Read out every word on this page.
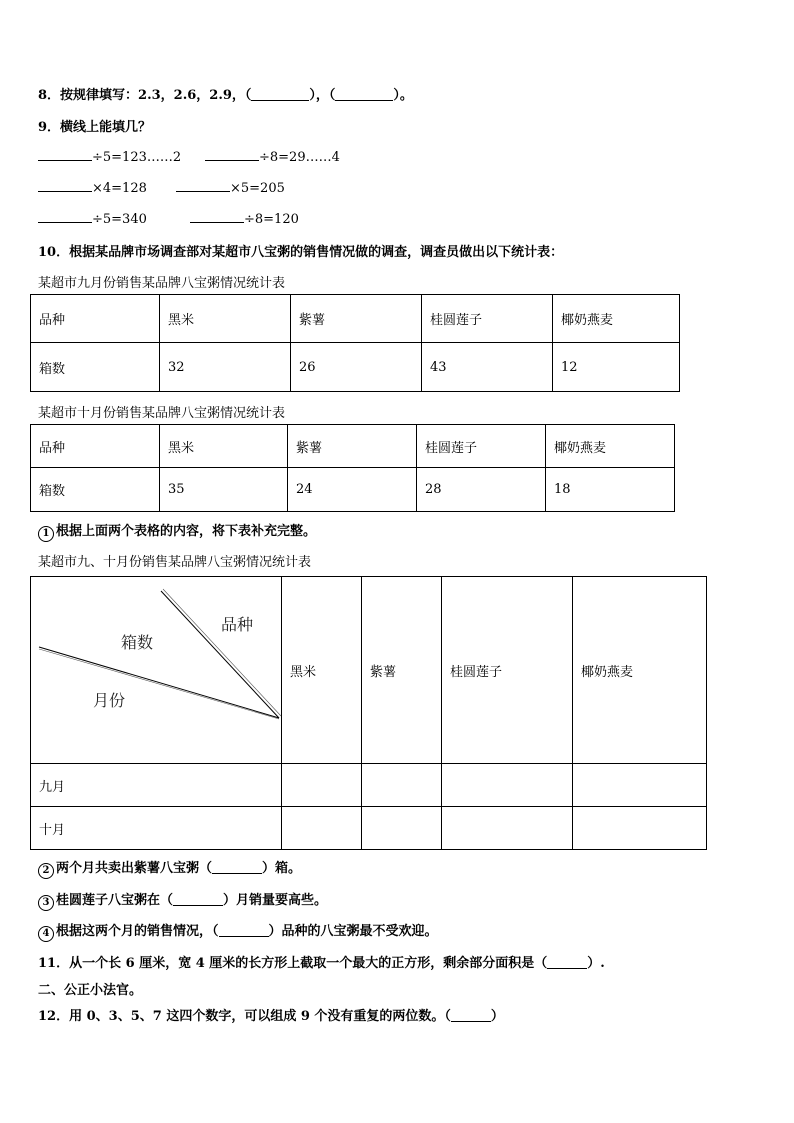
8．按规律填写：2.3，2.6，2.9，（	），（	）。
9．横线上能填几？
÷5=123……2	÷8=29……4
×4=128	×5=205
÷5=340	÷8=120
10．根据某品牌市场调查部对某超市八宝粥的销售情况做的调查，调查员做出以下统计表：
某超市九月份销售某品牌八宝粥情况统计表
品种	黑米	紫薯	桂圆莲子	椰奶燕麦
箱数	32	26	43	12
某超市十月份销售某品牌八宝粥情况统计表
品种	黑米	紫薯	桂圆莲子	椰奶燕麦
箱数	35	24	28	18
1 根据上面两个表格的内容，将下表补充完整。
某超市九、十月份销售某品牌八宝粥情况统计表
品种
箱数
月份	黑米	紫薯	桂圆莲子	椰奶燕麦
九月				
十月				
2 两个月共卖出紫薯八宝粥（	）箱。
3 桂圆莲子八宝粥在（	）月销量要高些。
4 根据这两个月的销售情况，（	）品种的八宝粥最不受欢迎。
11．从一个长 6 厘米，宽 4 厘米的长方形上截取一个最大的正方形，剩余部分面积是（	）.
二、公正小法官。
12．用 0、3、5、7 这四个数字，可以组成 9 个没有重复的两位数。（	）
